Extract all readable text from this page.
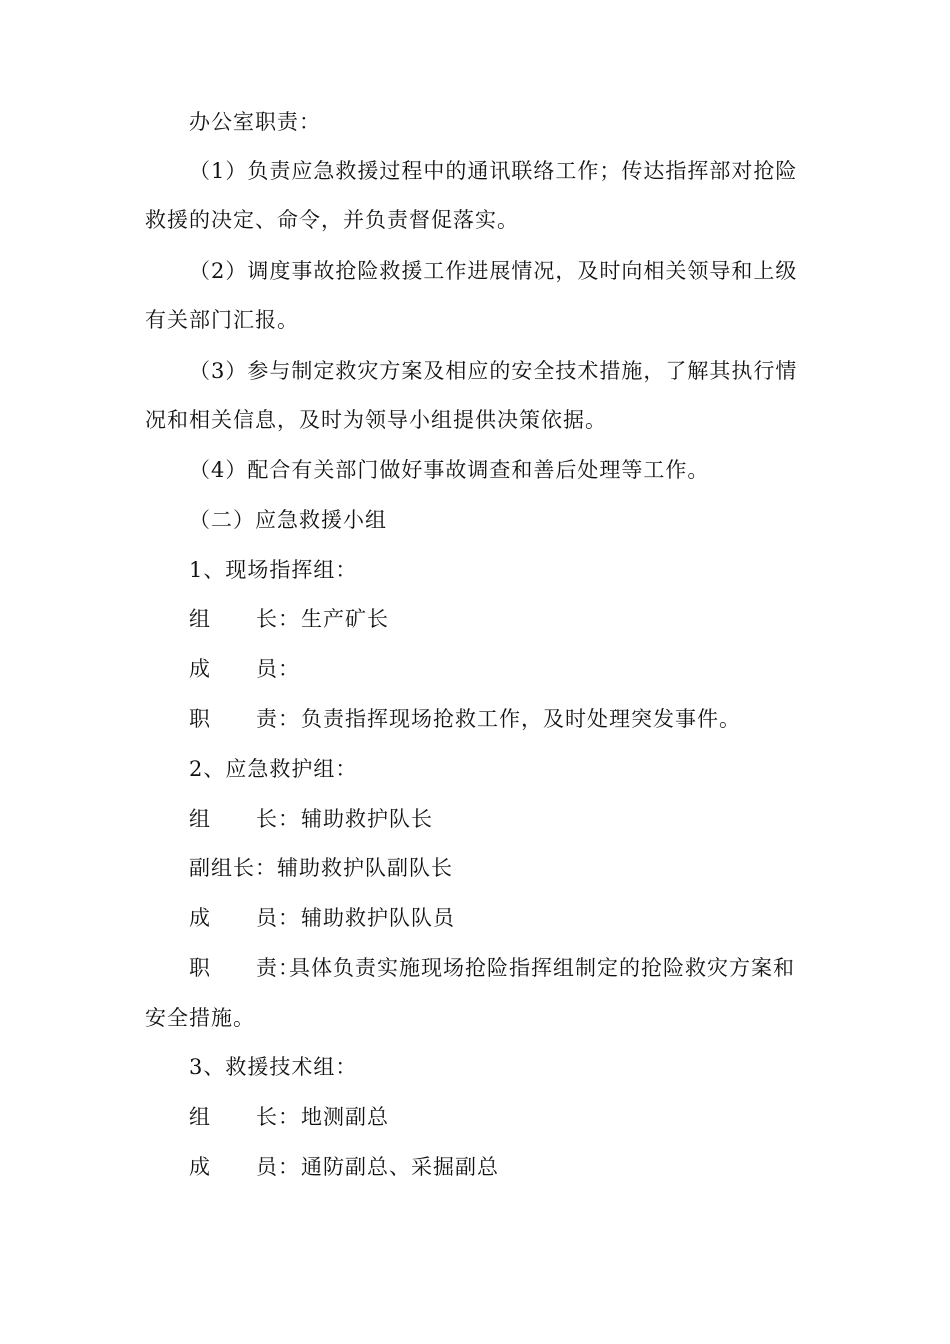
办公室职责：
（1）负责应急救援过程中的通讯联络工作；传达指挥部对抢险
救援的决定、命令，并负责督促落实。
（2）调度事故抢险救援工作进展情况，及时向相关领导和上级
有关部门汇报。
（3）参与制定救灾方案及相应的安全技术措施，了解其执行情
况和相关信息，及时为领导小组提供决策依据。
（4）配合有关部门做好事故调查和善后处理等工作。
（二）应急救援小组
1、现场指挥组：
组 长：生产矿长
成 员：
职 责：负责指挥现场抢救工作，及时处理突发事件。
2、应急救护组：
组 长：辅助救护队长
副组长：辅助救护队副队长
成 员：辅助救护队队员
职 责：具体负责实施现场抢险指挥组制定的抢险救灾方案和
安全措施。
3、救援技术组：
组 长：地测副总
成 员：通防副总、采掘副总
